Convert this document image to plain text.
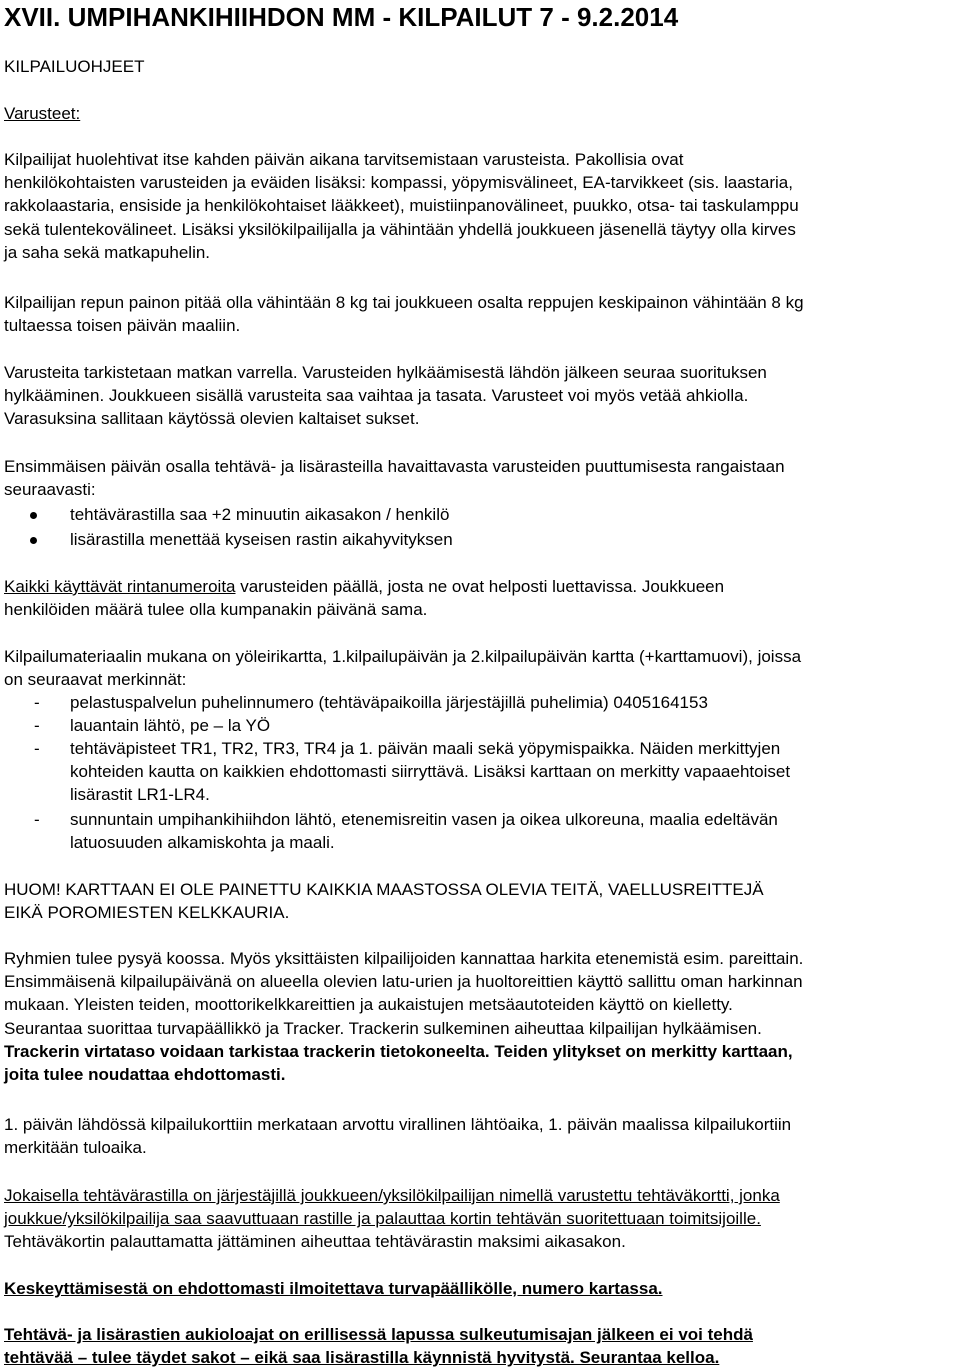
XVII. UMPIHANKIHIIHDON MM - KILPAILUT 7 - 9.2.2014
KILPAILUOHJEET
Varusteet:
Kilpailijat huolehtivat itse kahden päivän aikana tarvitsemistaan varusteista. Pakollisia ovat
henkilökohtaisten varusteiden ja eväiden lisäksi: kompassi, yöpymisvälineet, EA-tarvikkeet (sis. laastaria,
rakkolaastaria, ensiside ja henkilökohtaiset lääkkeet), muistiinpanovälineet, puukko, otsa- tai taskulamppu
sekä tulentekovälineet. Lisäksi yksilökilpailijalla ja vähintään yhdellä joukkueen jäsenellä täytyy olla kirves
ja saha sekä matkapuhelin.
Kilpailijan repun painon pitää olla vähintään 8 kg tai joukkueen osalta reppujen keskipainon vähintään 8 kg
tultaessa toisen päivän maaliin.
Varusteita tarkistetaan matkan varrella. Varusteiden hylkäämisestä lähdön jälkeen seuraa suorituksen
hylkääminen. Joukkueen sisällä varusteita saa vaihtaa ja tasata. Varusteet voi myös vetää ahkiolla.
Varasuksina sallitaan käytössä olevien kaltaiset sukset.
Ensimmäisen päivän osalla tehtävä- ja lisärasteilla havaittavasta varusteiden puuttumisesta rangaistaan
seuraavasti:
tehtävärastilla saa +2 minuutin aikasakon / henkilö
lisärastilla menettää kyseisen rastin aikahyvityksen
Kaikki käyttävät rintanumeroita varusteiden päällä, josta ne ovat helposti luettavissa. Joukkueen
henkilöiden määrä tulee olla kumpanakin päivänä sama.
Kilpailumateriaalin mukana on yöleirikartta, 1.kilpailupäivän ja 2.kilpailupäivän kartta (+karttamuovi), joissa
on seuraavat merkinnät:
- pelastuspalvelun puhelinnumero (tehtäväpaikoilla järjestäjillä puhelimia) 0405164153
- lauantain lähtö, pe – la YÖ
- tehtäväpisteet TR1, TR2, TR3, TR4 ja 1. päivän maali sekä yöpymispaikka. Näiden merkittyjen
kohteiden kautta on kaikkien ehdottomasti siirryttävä. Lisäksi karttaan on merkitty vapaaehtoiset
lisärastit LR1-LR4.
- sunnuntain umpihankihiihdon lähtö, etenemisreitin vasen ja oikea ulkoreuna, maalia edeltävän
latuosuuden alkamiskohta ja maali.
HUOM! KARTTAAN EI OLE PAINETTU KAIKKIA MAASTOSSA OLEVIA TEITÄ, VAELLUSREITTEJÄ
EIKÄ POROMIESTEN KELKKAURIA.
Ryhmien tulee pysyä koossa. Myös yksittäisten kilpailijoiden kannattaa harkita etenemistä esim. pareittain.
Ensimmäisenä kilpailupäivänä on alueella olevien latu-urien ja huoltoreittien käyttö sallittu oman harkinnan
mukaan. Yleisten teiden, moottorikelkkareittien ja aukaistujen metsäautoteiden käyttö on kielletty.
Seurantaa suorittaa turvapäällikkö ja Tracker. Trackerin sulkeminen aiheuttaa kilpailijan hylkäämisen.
Trackerin virtataso voidaan tarkistaa trackerin tietokoneelta. Teiden ylitykset on merkitty karttaan,
joita tulee noudattaa ehdottomasti.
1. päivän lähdössä kilpailukorttiin merkataan arvottu virallinen lähtöaika, 1. päivän maalissa kilpailukortiin
merkitään tuloaika.
Jokaisella tehtävärastilla on järjestäjillä joukkueen/yksilökilpailijan nimellä varustettu tehtäväkortti, jonka
joukkue/yksilökilpailija saa saavuttuaan rastille ja palauttaa kortin tehtävän suoritettuaan toimitsijoille.
Tehtäväkortin palauttamatta jättäminen aiheuttaa tehtävärastin maksimi aikasakon.
Keskeyttämisestä on ehdottomasti ilmoitettava turvapäällikölle, numero kartassa.
Tehtävä- ja lisärastien aukioloajat on erillisessä lapussa sulkeutumisajan jälkeen ei voi tehdä
tehtävää – tulee täydet sakot – eikä saa lisärastilla käynnistä hyvitystä. Seurantaa kelloa.
